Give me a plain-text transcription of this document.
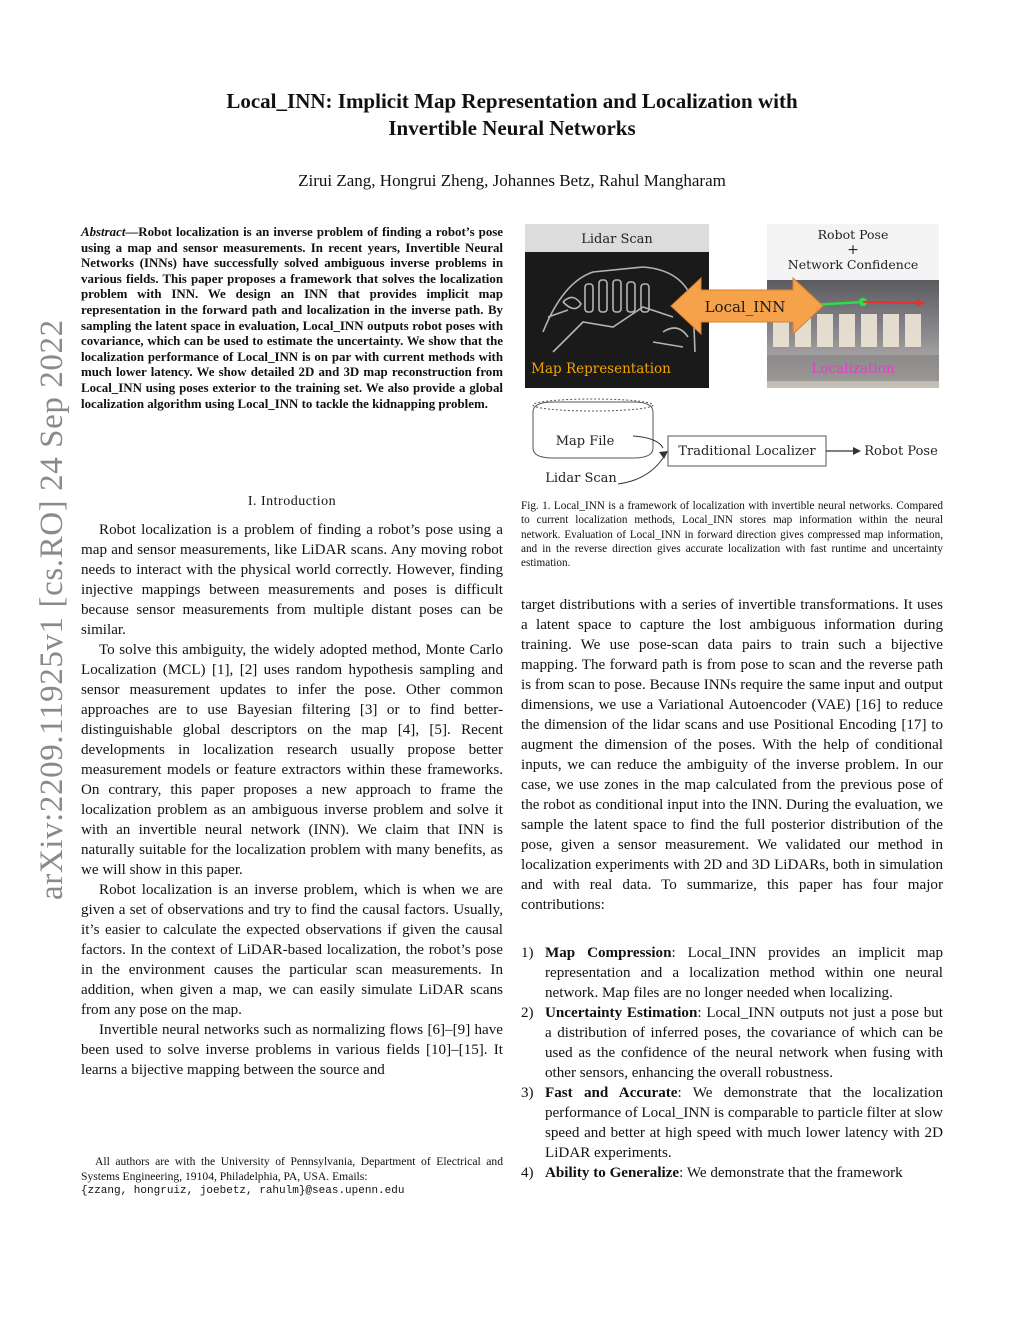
arXiv:2209.11925v1 [cs.RO] 24 Sep 2022
Local_INN: Implicit Map Representation and Localization with
Invertible Neural Networks
Zirui Zang, Hongrui Zheng, Johannes Betz, Rahul Mangharam
Abstract—Robot localization is an inverse problem of finding a robot’s pose using a map and sensor measurements. In recent years, Invertible Neural Networks (INNs) have successfully solved ambiguous inverse problems in various fields. This paper proposes a framework that solves the localization problem with INN. We design an INN that provides implicit map representation in the forward path and localization in the inverse path. By sampling the latent space in evaluation, Local_INN outputs robot poses with covariance, which can be used to estimate the uncertainty. We show that the localization performance of Local_INN is on par with current methods with much lower latency. We show detailed 2D and 3D map reconstruction from Local_INN using poses exterior to the training set. We also provide a global localization algorithm using Local_INN to tackle the kidnapping problem.
I. Introduction

Robot localization is a problem of finding a robot’s pose using a map and sensor measurements, like LiDAR scans. Any moving robot needs to interact with the physical world correctly. However, finding injective mappings between measurements and poses is difficult because sensor measurements from multiple distant poses can be similar.

To solve this ambiguity, the widely adopted method, Monte Carlo Localization (MCL) [1], [2] uses random hypothesis sampling and sensor measurement updates to infer the pose. Other common approaches are to use Bayesian filtering [3] or to find better-distinguishable global descriptors on the map [4], [5]. Recent developments in localization research usually propose better measurement models or feature extractors within these frameworks. On contrary, this paper proposes a new approach to frame the localization problem as an ambiguous inverse problem and solve it with an invertible neural network (INN). We claim that INN is naturally suitable for the localization problem with many benefits, as we will show in this paper.

Robot localization is an inverse problem, which is when we are given a set of observations and try to find the causal factors. Usually, it’s easier to calculate the expected observations if given the causal factors. In the context of LiDAR-based localization, the robot’s pose in the environment causes the particular scan measurements. In addition, when given a map, we can easily simulate LiDAR scans from any pose on the map.

Invertible neural networks such as normalizing flows [6]–[9] have been used to solve inverse problems in various fields [10]–[15]. It learns a bijective mapping between the source and

All authors are with the University of Pennsylvania, Department of Electrical and Systems Engineering, 19104, Philadelphia, PA, USA. Emails:

{zzang, hongruiz, joebetz, rahulm}@seas.upenn.edu
Lidar Scan
Map Representation
Robot Pose
+
Network Confidence
Localization
Local_INN
Map File
Lidar Scan
Traditional Localizer	Robot Pose
Fig. 1. Local_INN is a framework of localization with invertible neural networks. Compared to current localization methods, Local_INN stores map information within the neural network. Evaluation of Local_INN in forward direction gives compressed map information, and in the reverse direction gives accurate localization with fast runtime and uncertainty estimation.

target distributions with a series of invertible transformations. It uses a latent space to capture the lost ambiguous information during training. We use pose-scan data pairs to train such a bijective mapping. The forward path is from pose to scan and the reverse path is from scan to pose. Because INNs require the same input and output dimensions, we use a Variational Autoencoder (VAE) [16] to reduce the dimension of the lidar scans and use Positional Encoding [17] to augment the dimension of the poses. With the help of conditional inputs, we can reduce the ambiguity of the inverse problem. In our case, we use zones in the map calculated from the previous pose of the robot as conditional input into the INN. During the evaluation, we sample the latent space to find the full posterior distribution of the pose, given a sensor measurement. We validated our method in localization experiments with 2D and 3D LiDARs, both in simulation and with real data. To summarize, this paper has four major contributions:

1) Map Compression: Local_INN provides an implicit map representation and a localization method within one neural network. Map files are no longer needed when localizing.
2) Uncertainty Estimation: Local_INN outputs not just a pose but a distribution of inferred poses, the covariance of which can be used as the confidence of the neural network when fusing with other sensors, enhancing the overall robustness.
3) Fast and Accurate: We demonstrate that the localization performance of Local_INN is comparable to particle filter at slow speed and better at high speed with much lower latency with 2D LiDAR experiments.
4) Ability to Generalize: We demonstrate that the framework
